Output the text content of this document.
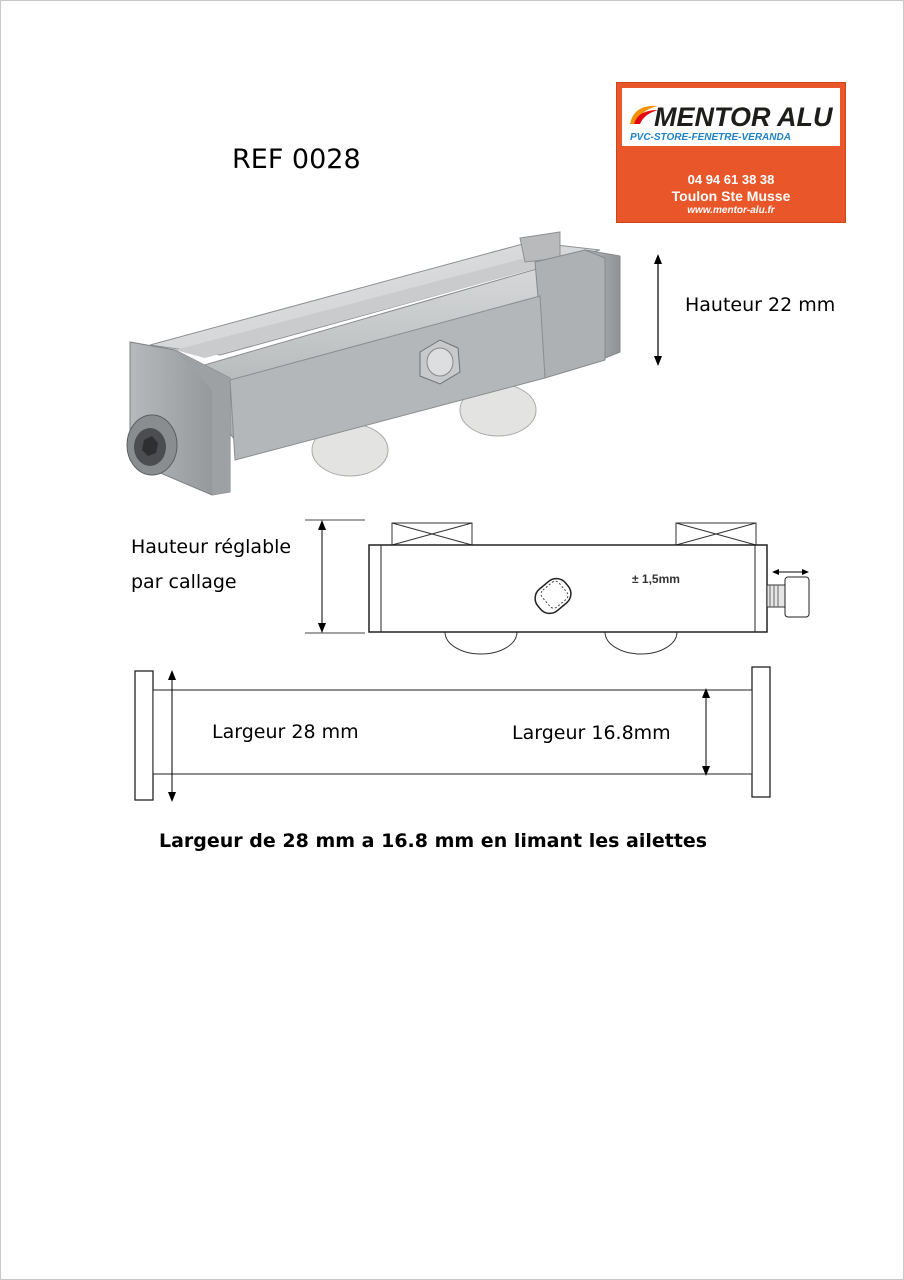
REF 0028
MENTOR ALU
PVC-STORE-FENETRE-VERANDA
04 94 61 38 38
Toulon Ste Musse
www.mentor-alu.fr
Hauteur 22 mm
± 1,5mm
Hauteur réglable
par callage
Largeur 28 mm	Largeur 16.8mm
Largeur de 28 mm a 16.8 mm en limant les ailettes
